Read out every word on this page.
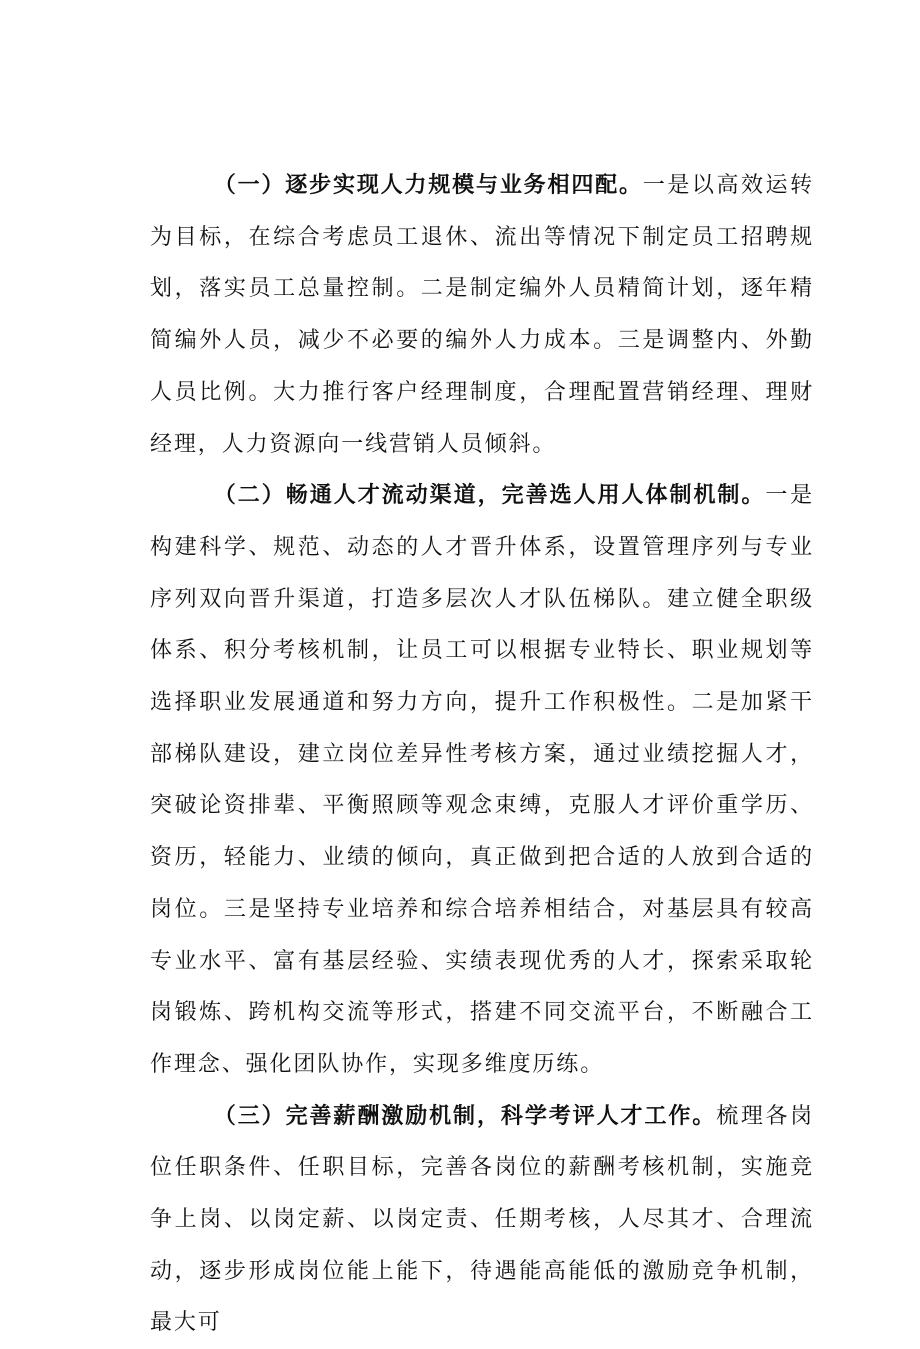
（一）逐步实现人力规模与业务相四配。一是以高效运转为目标，在综合考虑员工退休、流出等情况下制定员工招聘规划，落实员工总量控制。二是制定编外人员精简计划，逐年精简编外人员，减少不必要的编外人力成本。三是调整内、外勤人员比例。大力推行客户经理制度，合理配置营销经理、理财经理，人力资源向一线营销人员倾斜。

（二）畅通人才流动渠道，完善选人用人体制机制。一是构建科学、规范、动态的人才晋升体系，设置管理序列与专业序列双向晋升渠道，打造多层次人才队伍梯队。建立健全职级体系、积分考核机制，让员工可以根据专业特长、职业规划等选择职业发展通道和努力方向，提升工作积极性。二是加紧干部梯队建设，建立岗位差异性考核方案，通过业绩挖掘人才，突破论资排辈、平衡照顾等观念束缚，克服人才评价重学历、资历，轻能力、业绩的倾向，真正做到把合适的人放到合适的岗位。三是坚持专业培养和综合培养相结合，对基层具有较高专业水平、富有基层经验、实绩表现优秀的人才，探索采取轮岗锻炼、跨机构交流等形式，搭建不同交流平台，不断融合工作理念、强化团队协作，实现多维度历练。

（三）完善薪酬激励机制，科学考评人才工作。梳理各岗位任职条件、任职目标，完善各岗位的薪酬考核机制，实施竞争上岗、以岗定薪、以岗定责、任期考核，人尽其才、合理流动，逐步形成岗位能上能下，待遇能高能低的激励竞争机制，最大可
